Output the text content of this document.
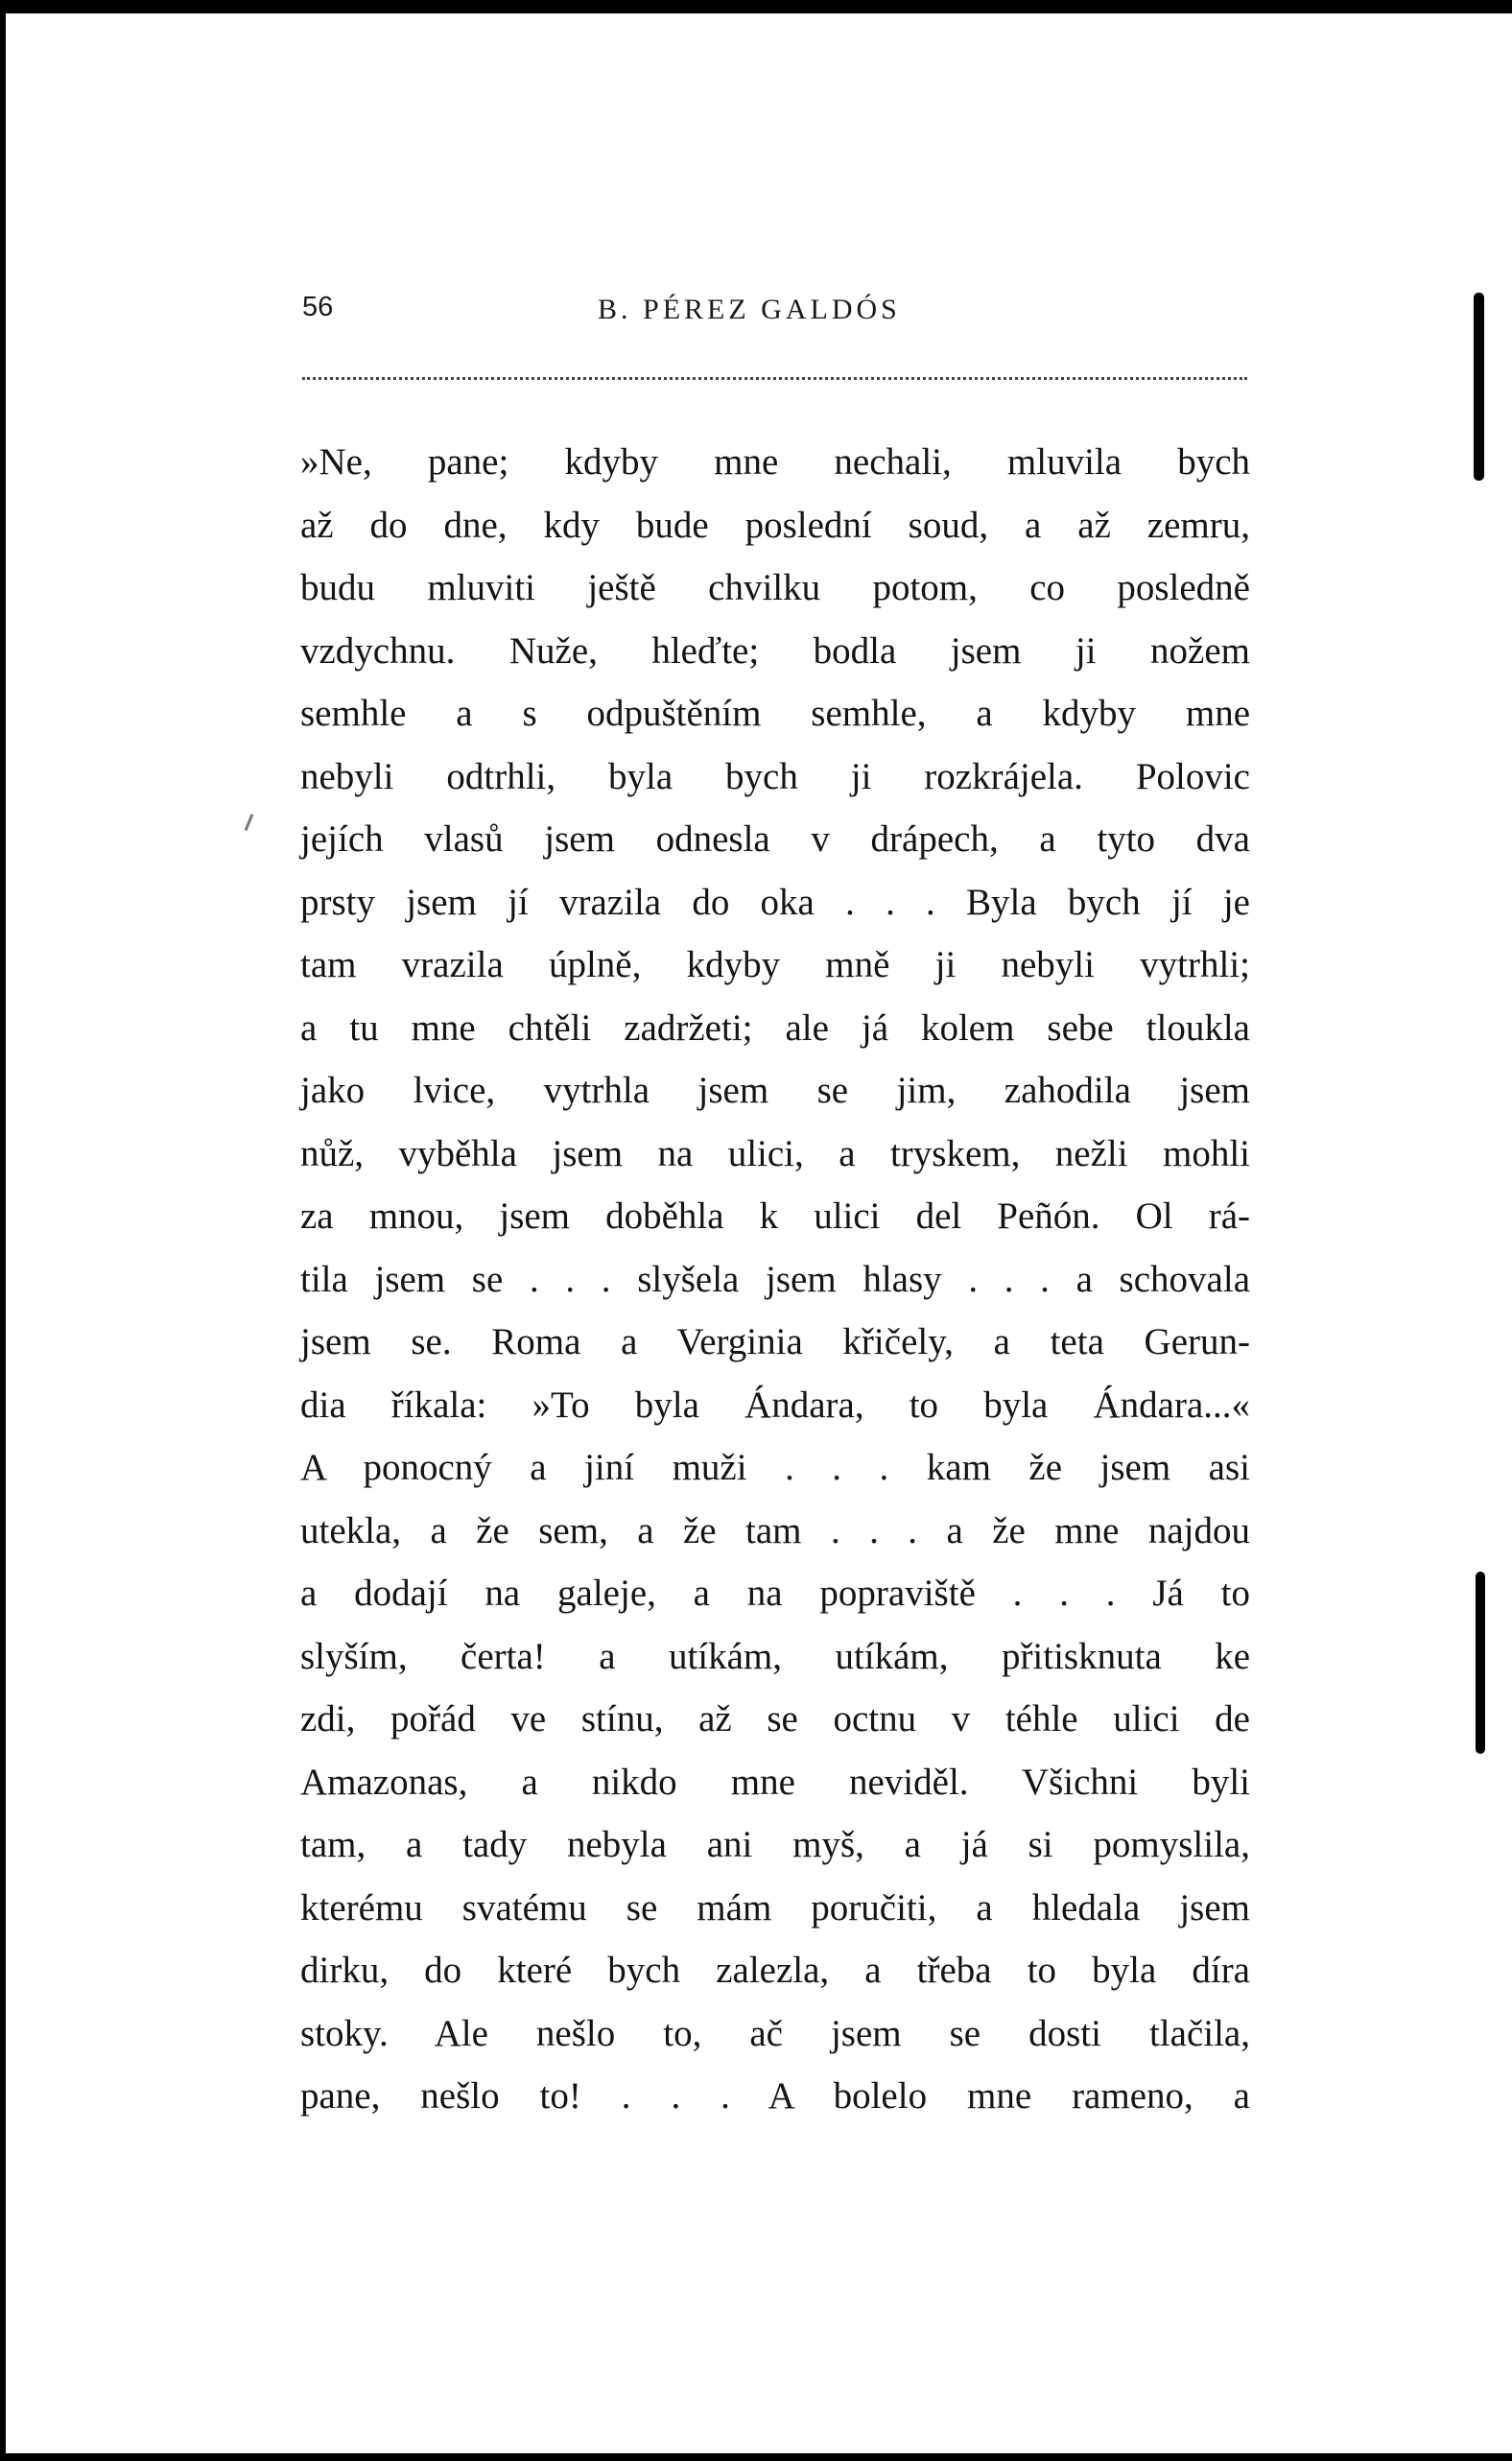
56	B. PÉREZ GALDÓS
»Ne, pane; kdyby mne nechali, mluvila bych
až do dne, kdy bude poslední soud, a až zemru,
budu mluviti ještě chvilku potom, co posledně
vzdychnu. Nuže, hleďte; bodla jsem ji nožem
semhle a s odpuštěním semhle, a kdyby mne
nebyli odtrhli, byla bych ji rozkrájela. Polovic
jejích vlasů jsem odnesla v drápech, a tyto dva
prsty jsem jí vrazila do oka . . . Byla bych jí je
tam vrazila úplně, kdyby mně ji nebyli vytrhli;
a tu mne chtěli zadržeti; ale já kolem sebe tloukla
jako lvice, vytrhla jsem se jim, zahodila jsem
nůž, vyběhla jsem na ulici, a tryskem, nežli mohli
za mnou, jsem doběhla k ulici del Peñón. Ol rá-
tila jsem se . . . slyšela jsem hlasy . . . a schovala
jsem se. Roma a Verginia křičely, a teta Gerun-
dia říkala: »To byla Ándara, to byla Ándara...«
A ponocný a jiní muži . . . kam že jsem asi
utekla, a že sem, a že tam . . . a že mne najdou
a dodají na galeje, a na popraviště . . . Já to
slyším, čerta! a utíkám, utíkám, přitisknuta ke
zdi, pořád ve stínu, až se octnu v téhle ulici de
Amazonas, a nikdo mne neviděl. Všichni byli
tam, a tady nebyla ani myš, a já si pomyslila,
kterému svatému se mám poručiti, a hledala jsem
dirku, do které bych zalezla, a třeba to byla díra
stoky. Ale nešlo to, ač jsem se dosti tlačila,
pane, nešlo to! . . . A bolelo mne rameno, a
